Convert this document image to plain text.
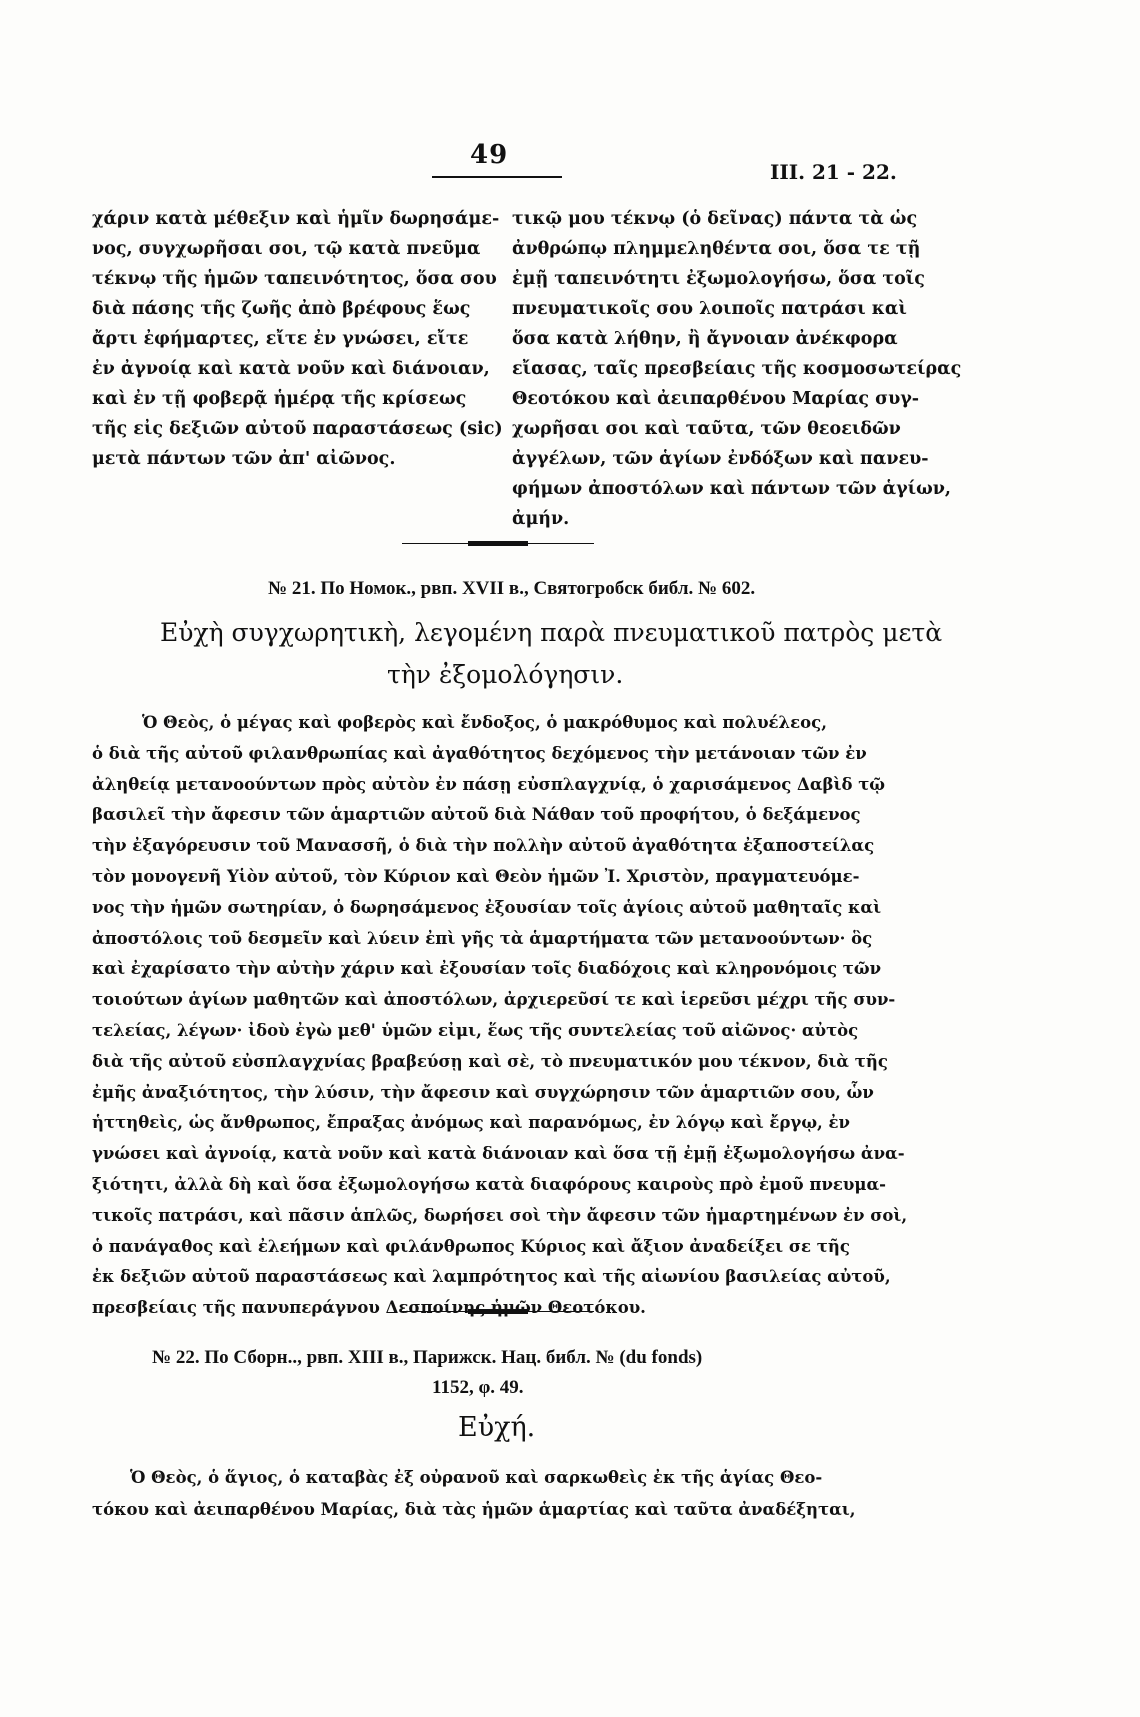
49
III. 21 - 22.
χάριν κατὰ μέθεξιν καὶ ἡμῖν δωρησάμε-
νος, συγχωρῆσαι σοι, τῷ κατὰ πνεῦμα
τέκνῳ τῆς ἡμῶν ταπεινότητος, ὅσα σου
διὰ πάσης τῆς ζωῆς ἀπὸ βρέφους ἕως
ἄρτι ἐφήμαρτες, εἴτε ἐν γνώσει, εἴτε
ἐν ἀγνοίᾳ καὶ κατὰ νοῦν καὶ διάνοιαν,
καὶ ἐν τῇ φοβερᾷ ἡμέρᾳ τῆς κρίσεως
τῆς εἰς δεξιῶν αὐτοῦ παραστάσεως (sic)
μετὰ πάντων τῶν ἀπ' αἰῶνος.
τικῷ μου τέκνῳ (ὁ δεῖνας) πάντα τὰ ὡς
ἀνθρώπῳ πλημμεληθέντα σοι, ὅσα τε τῇ
ἐμῇ ταπεινότητι ἐξωμολογήσω, ὅσα τοῖς
πνευματικοῖς σου λοιποῖς πατράσι καὶ
ὅσα κατὰ λήθην, ἢ ἄγνοιαν ἀνέκφορα
εἴασας, ταῖς πρεσβείαις τῆς κοσμοσωτείρας
Θεοτόκου καὶ ἀειπαρθένου Μαρίας συγ-
χωρῆσαι σοι καὶ ταῦτα, τῶν θεοειδῶν
ἀγγέλων, τῶν ἁγίων ἐνδόξων καὶ πανευ-
φήμων ἀποστόλων καὶ πάντων τῶν ἁγίων,
ἀμήν.
№ 21. По Номок., рвп. XVII в., Святогробск библ. № 602.
Εὐχὴ συγχωρητικὴ, λεγομένη παρὰ πνευματικοῦ πατρὸς μετὰ
τὴν ἐξομολόγησιν.
Ὁ Θεὸς, ὁ μέγας καὶ φοβερὸς καὶ ἔνδοξος, ὁ μακρόθυμος καὶ πολυέλεος,
ὁ διὰ τῆς αὐτοῦ φιλανθρωπίας καὶ ἀγαθότητος δεχόμενος τὴν μετάνοιαν τῶν ἐν
ἀληθείᾳ μετανοούντων πρὸς αὐτὸν ἐν πάσῃ εὐσπλαγχνίᾳ, ὁ χαρισάμενος Δαβὶδ τῷ
βασιλεῖ τὴν ἄφεσιν τῶν ἁμαρτιῶν αὐτοῦ διὰ Νάθαν τοῦ προφήτου, ὁ δεξάμενος
τὴν ἐξαγόρευσιν τοῦ Μανασσῆ, ὁ διὰ τὴν πολλὴν αὐτοῦ ἀγαθότητα ἐξαποστείλας
τὸν μονογενῆ Υἱὸν αὐτοῦ, τὸν Κύριον καὶ Θεὸν ἡμῶν Ἰ. Χριστὸν, πραγματευόμε-
νος τὴν ἡμῶν σωτηρίαν, ὁ δωρησάμενος ἐξουσίαν τοῖς ἁγίοις αὐτοῦ μαθηταῖς καὶ
ἀποστόλοις τοῦ δεσμεῖν καὶ λύειν ἐπὶ γῆς τὰ ἁμαρτήματα τῶν μετανοούντων· ὃς
καὶ ἐχαρίσατο τὴν αὐτὴν χάριν καὶ ἐξουσίαν τοῖς διαδόχοις καὶ κληρονόμοις τῶν
τοιούτων ἁγίων μαθητῶν καὶ ἀποστόλων, ἀρχιερεῦσί τε καὶ ἱερεῦσι μέχρι τῆς συν-
τελείας, λέγων· ἰδοὺ ἐγὼ μεθ' ὑμῶν εἰμι, ἕως τῆς συντελείας τοῦ αἰῶνος· αὐτὸς
διὰ τῆς αὐτοῦ εὐσπλαγχνίας βραβεύσῃ καὶ σὲ, τὸ πνευματικόν μου τέκνον, διὰ τῆς
ἐμῆς ἀναξιότητος, τὴν λύσιν, τὴν ἄφεσιν καὶ συγχώρησιν τῶν ἁμαρτιῶν σου, ὧν
ἡττηθεὶς, ὡς ἄνθρωπος, ἔπραξας ἀνόμως καὶ παρανόμως, ἐν λόγῳ καὶ ἔργῳ, ἐν
γνώσει καὶ ἀγνοίᾳ, κατὰ νοῦν καὶ κατὰ διάνοιαν καὶ ὅσα τῇ ἐμῇ ἐξωμολογήσω ἀνα-
ξιότητι, ἀλλὰ δὴ καὶ ὅσα ἐξωμολογήσω κατὰ διαφόρους καιροὺς πρὸ ἐμοῦ πνευμα-
τικοῖς πατράσι, καὶ πᾶσιν ἁπλῶς, δωρήσει σοὶ τὴν ἄφεσιν τῶν ἡμαρτημένων ἐν σοὶ,
ὁ πανάγαθος καὶ ἐλεήμων καὶ φιλάνθρωπος Κύριος καὶ ἄξιον ἀναδείξει σε τῆς
ἐκ δεξιῶν αὐτοῦ παραστάσεως καὶ λαμπρότητος καὶ τῆς αἰωνίου βασιλείας αὐτοῦ,
πρεσβείαις τῆς πανυπεράγνου Δεσποίνης ἡμῶν Θεοτόκου.
№ 22. По Сборн.., рвп. XIII в., Парижск. Нац. библ. № (du fonds)
1152, φ. 49.
Εὐχή.
Ὁ Θεὸς, ὁ ἅγιος, ὁ καταβὰς ἐξ οὐρανοῦ καὶ σαρκωθεὶς ἐκ τῆς ἁγίας Θεο-
τόκου καὶ ἀειπαρθένου Μαρίας, διὰ τὰς ἡμῶν ἁμαρτίας καὶ ταῦτα ἀναδέξηται,
